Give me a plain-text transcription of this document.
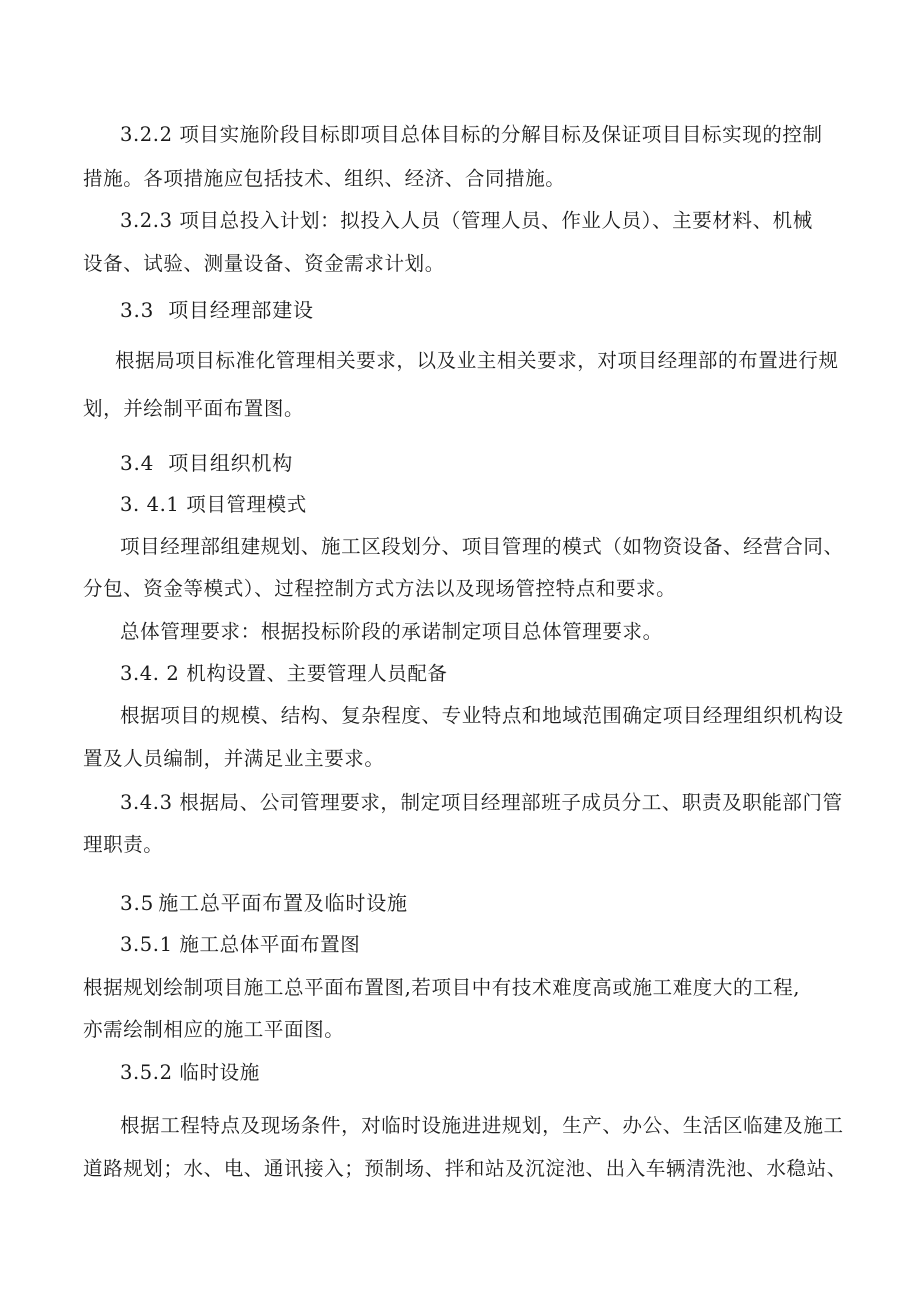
3.2.2 项目实施阶段目标即项目总体目标的分解目标及保证项目目标实现的控制
措施。各项措施应包括技术、组织、经济、合同措施。
3.2.3 项目总投入计划：拟投入人员（管理人员、作业人员）、主要材料、机械
设备、试验、测量设备、资金需求计划。
3.3 项目经理部建设
根据局项目标准化管理相关要求，以及业主相关要求，对项目经理部的布置进行规
划，并绘制平面布置图。
3.4 项目组织机构
3. 4.1 项目管理模式
项目经理部组建规划、施工区段划分、项目管理的模式（如物资设备、经营合同、
分包、资金等模式）、过程控制方式方法以及现场管控特点和要求。
总体管理要求：根据投标阶段的承诺制定项目总体管理要求。
3.4. 2 机构设置、主要管理人员配备
根据项目的规模、结构、复杂程度、专业特点和地域范围确定项目经理组织机构设
置及人员编制，并满足业主要求。
3.4.3 根据局、公司管理要求，制定项目经理部班子成员分工、职责及职能部门管
理职责。
3.5 施工总平面布置及临时设施
3.5.1 施工总体平面布置图
根据规划绘制项目施工总平面布置图,若项目中有技术难度高或施工难度大的工程,
亦需绘制相应的施工平面图。
3.5.2 临时设施
根据工程特点及现场条件，对临时设施进进规划，生产、办公、生活区临建及施工
道路规划；水、电、通讯接入；预制场、拌和站及沉淀池、出入车辆清洗池、水稳站、
